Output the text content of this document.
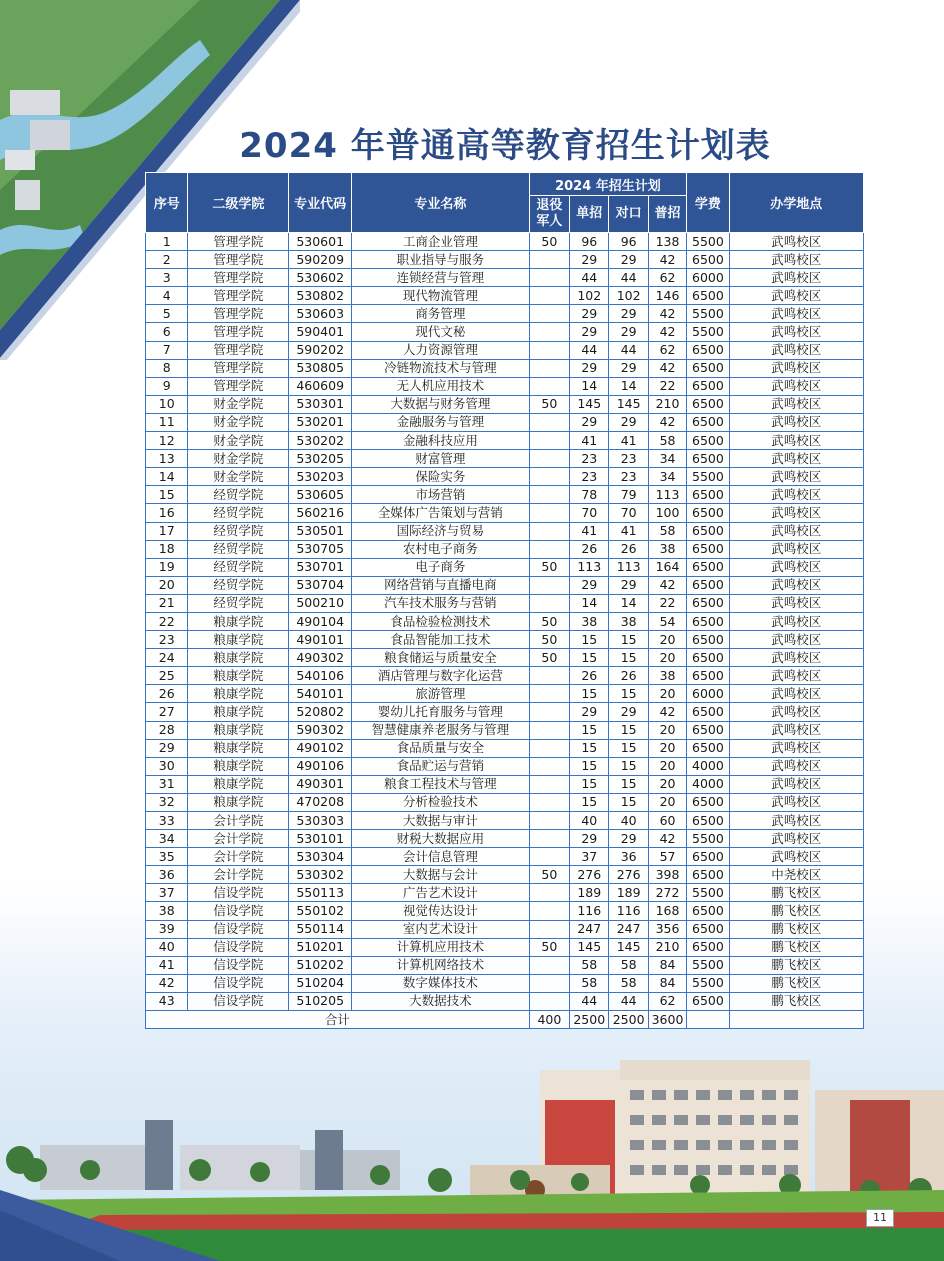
2024 年普通高等教育招生计划表
序号	二级学院	专业代码	专业名称	2024 年招生计划				学费	办学地点
				退役
军人	单招	对口	普招		
1	管理学院	530601	工商企业管理	50	96	96	138	5500	武鸣校区
2	管理学院	590209	职业指导与服务		29	29	42	6500	武鸣校区
3	管理学院	530602	连锁经营与管理		44	44	62	6000	武鸣校区
4	管理学院	530802	现代物流管理		102	102	146	6500	武鸣校区
5	管理学院	530603	商务管理		29	29	42	5500	武鸣校区
6	管理学院	590401	现代文秘		29	29	42	5500	武鸣校区
7	管理学院	590202	人力资源管理		44	44	62	6500	武鸣校区
8	管理学院	530805	冷链物流技术与管理		29	29	42	6500	武鸣校区
9	管理学院	460609	无人机应用技术		14	14	22	6500	武鸣校区
10	财金学院	530301	大数据与财务管理	50	145	145	210	6500	武鸣校区
11	财金学院	530201	金融服务与管理		29	29	42	6500	武鸣校区
12	财金学院	530202	金融科技应用		41	41	58	6500	武鸣校区
13	财金学院	530205	财富管理		23	23	34	6500	武鸣校区
14	财金学院	530203	保险实务		23	23	34	5500	武鸣校区
15	经贸学院	530605	市场营销		78	79	113	6500	武鸣校区
16	经贸学院	560216	全媒体广告策划与营销		70	70	100	6500	武鸣校区
17	经贸学院	530501	国际经济与贸易		41	41	58	6500	武鸣校区
18	经贸学院	530705	农村电子商务		26	26	38	6500	武鸣校区
19	经贸学院	530701	电子商务	50	113	113	164	6500	武鸣校区
20	经贸学院	530704	网络营销与直播电商		29	29	42	6500	武鸣校区
21	经贸学院	500210	汽车技术服务与营销		14	14	22	6500	武鸣校区
22	粮康学院	490104	食品检验检测技术	50	38	38	54	6500	武鸣校区
23	粮康学院	490101	食品智能加工技术	50	15	15	20	6500	武鸣校区
24	粮康学院	490302	粮食储运与质量安全	50	15	15	20	6500	武鸣校区
25	粮康学院	540106	酒店管理与数字化运营		26	26	38	6500	武鸣校区
26	粮康学院	540101	旅游管理		15	15	20	6000	武鸣校区
27	粮康学院	520802	婴幼儿托育服务与管理		29	29	42	6500	武鸣校区
28	粮康学院	590302	智慧健康养老服务与管理		15	15	20	6500	武鸣校区
29	粮康学院	490102	食品质量与安全		15	15	20	6500	武鸣校区
30	粮康学院	490106	食品贮运与营销		15	15	20	4000	武鸣校区
31	粮康学院	490301	粮食工程技术与管理		15	15	20	4000	武鸣校区
32	粮康学院	470208	分析检验技术		15	15	20	6500	武鸣校区
33	会计学院	530303	大数据与审计		40	40	60	6500	武鸣校区
34	会计学院	530101	财税大数据应用		29	29	42	5500	武鸣校区
35	会计学院	530304	会计信息管理		37	36	57	6500	武鸣校区
36	会计学院	530302	大数据与会计	50	276	276	398	6500	中尧校区
37	信设学院	550113	广告艺术设计		189	189	272	5500	鹏飞校区
38	信设学院	550102	视觉传达设计		116	116	168	6500	鹏飞校区
39	信设学院	550114	室内艺术设计		247	247	356	6500	鹏飞校区
40	信设学院	510201	计算机应用技术	50	145	145	210	6500	鹏飞校区
41	信设学院	510202	计算机网络技术		58	58	84	5500	鹏飞校区
42	信设学院	510204	数字媒体技术		58	58	84	5500	鹏飞校区
43	信设学院	510205	大数据技术		44	44	62	6500	鹏飞校区
合计				400	2500	2500	3600		
11
